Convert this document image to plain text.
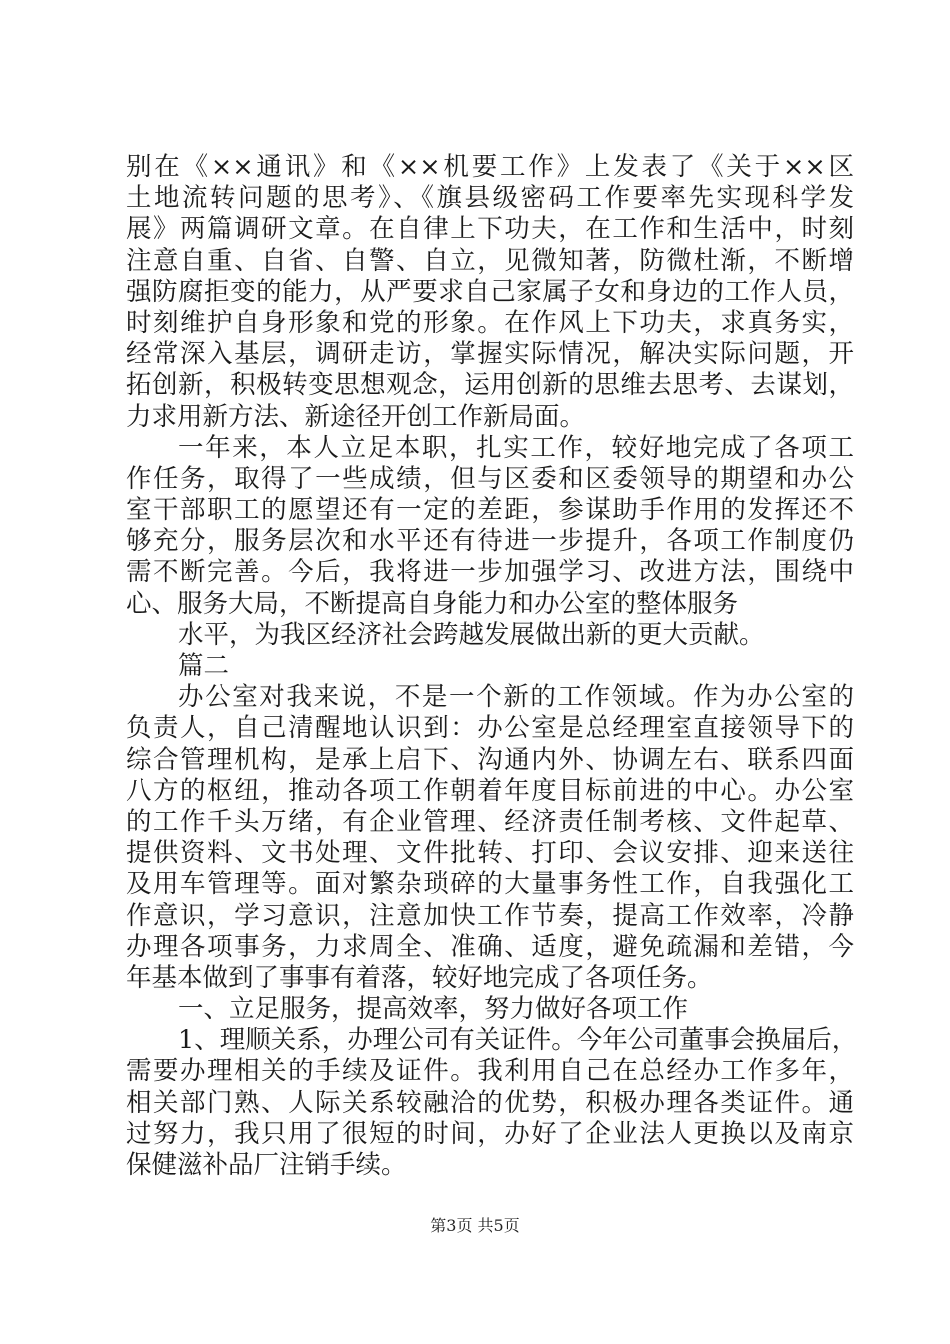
别在《××通讯》和《××机要工作》上发表了《关于××区
土地流转问题的思考》、《旗县级密码工作要率先实现科学发
展》两篇调研文章。在自律上下功夫，在工作和生活中，时刻
注意自重、自省、自警、自立，见微知著，防微杜渐，不断增
强防腐拒变的能力，从严要求自己家属子女和身边的工作人员，
时刻维护自身形象和党的形象。在作风上下功夫，求真务实，
经常深入基层，调研走访，掌握实际情况，解决实际问题，开
拓创新，积极转变思想观念，运用创新的思维去思考、去谋划，
力求用新方法、新途径开创工作新局面。
一年来，本人立足本职，扎实工作，较好地完成了各项工
作任务，取得了一些成绩，但与区委和区委领导的期望和办公
室干部职工的愿望还有一定的差距，参谋助手作用的发挥还不
够充分，服务层次和水平还有待进一步提升，各项工作制度仍
需不断完善。今后，我将进一步加强学习、改进方法，围绕中
心、服务大局，不断提高自身能力和办公室的整体服务
水平，为我区经济社会跨越发展做出新的更大贡献。
篇二
办公室对我来说，不是一个新的工作领域。作为办公室的
负责人，自己清醒地认识到：办公室是总经理室直接领导下的
综合管理机构，是承上启下、沟通内外、协调左右、联系四面
八方的枢纽，推动各项工作朝着年度目标前进的中心。办公室
的工作千头万绪，有企业管理、经济责任制考核、文件起草、
提供资料、文书处理、文件批转、打印、会议安排、迎来送往
及用车管理等。面对繁杂琐碎的大量事务性工作，自我强化工
作意识，学习意识，注意加快工作节奏，提高工作效率，冷静
办理各项事务，力求周全、准确、适度，避免疏漏和差错，今
年基本做到了事事有着落，较好地完成了各项任务。
一、立足服务，提高效率，努力做好各项工作
1、理顺关系，办理公司有关证件。今年公司董事会换届后，
需要办理相关的手续及证件。我利用自己在总经办工作多年，
相关部门熟、人际关系较融洽的优势，积极办理各类证件。通
过努力，我只用了很短的时间，办好了企业法人更换以及南京
保健滋补品厂注销手续。
第3页 共5页
